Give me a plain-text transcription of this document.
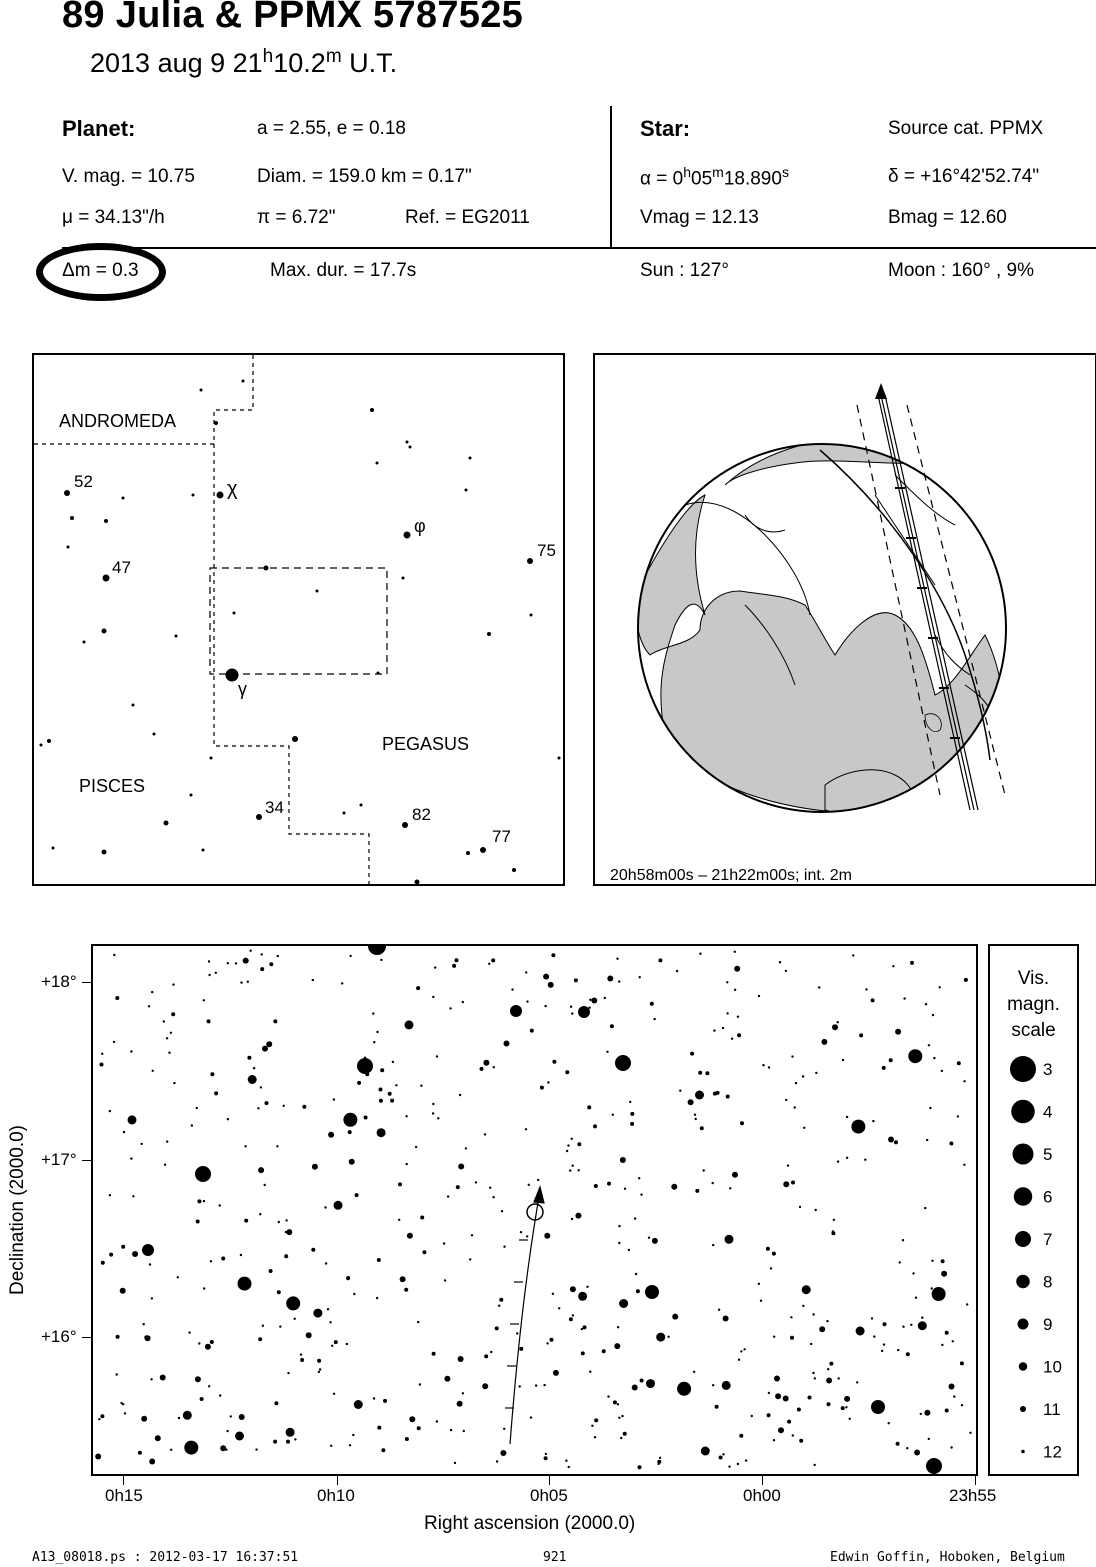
89 Julia & PPMX 5787525
2013 aug 9 21$^h$10.2$^m$ U.T.
Planet:	a = 2.55, e = 0.18
V. mag. = 10.75	Diam. = 159.0 km = 0.17"
μ = 34.13"/h	π = 6.72"	Ref. = EG2011
Star:	Source cat. PPMX
$\alpha = 0^h05^m18.890^s$	δ = +16°42'52.74"
Vmag = 12.13	Bmag = 12.60
Δm = 0.3	Max. dur. = 17.7s	Sun : 127°	Moon : 160° , 9%
ANDROMEDA
PEGASUS
PISCES
52
47
χ
φ
75
γ
34	82
77
20h58m00s – 21h22m00s; int. 2m
+18°
+17°
+16°
0h15	0h10	0h05	0h00	23h55
Right ascension (2000.0)
Declination (2000.0)
Vis.
magn.
scale
3
4
5
6
7
8
9
10
11
12
A13_08018.ps : 2012-03-17 16:37:51	921	Edwin Goffin, Hoboken, Belgium
